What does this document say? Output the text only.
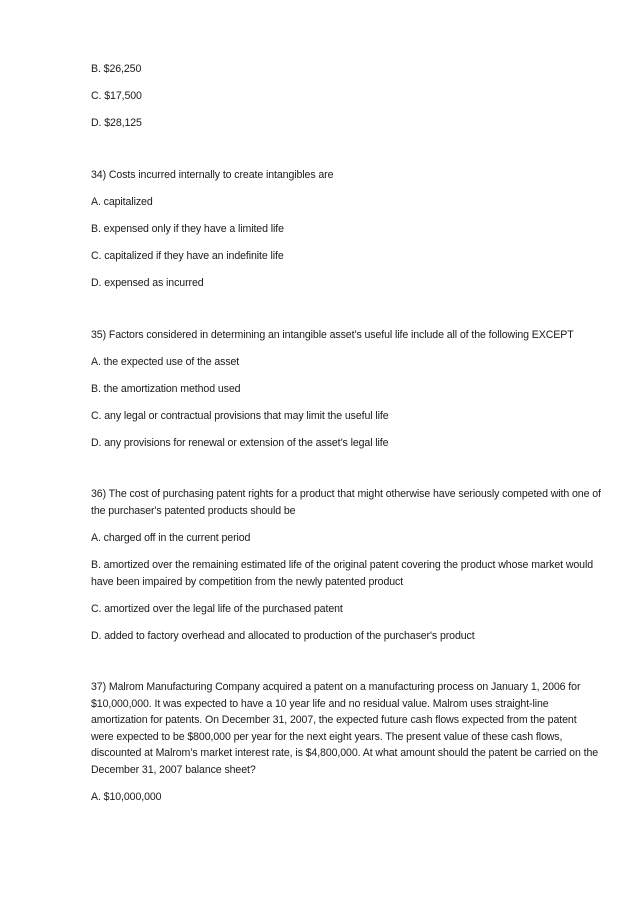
B. $26,250

C. $17,500

D. $28,125

34) Costs incurred internally to create intangibles are

A. capitalized

B. expensed only if they have a limited life

C. capitalized if they have an indefinite life

D. expensed as incurred

35) Factors considered in determining an intangible asset’s useful life include all of the following EXCEPT

A. the expected use of the asset

B. the amortization method used

C. any legal or contractual provisions that may limit the useful life

D. any provisions for renewal or extension of the asset’s legal life

36) The cost of purchasing patent rights for a product that might otherwise have seriously competed with one of the purchaser's patented products should be

A. charged off in the current period

B. amortized over the remaining estimated life of the original patent covering the product whose market would have been impaired by competition from the newly patented product

C. amortized over the legal life of the purchased patent

D. added to factory overhead and allocated to production of the purchaser's product

37) Malrom Manufacturing Company acquired a patent on a manufacturing process on January 1, 2006 for $10,000,000. It was expected to have a 10 year life and no residual value. Malrom uses straight-line amortization for patents. On December 31, 2007, the expected future cash flows expected from the patent were expected to be $800,000 per year for the next eight years. The present value of these cash flows, discounted at Malrom’s market interest rate, is $4,800,000. At what amount should the patent be carried on the December 31, 2007 balance sheet?

A. $10,000,000
